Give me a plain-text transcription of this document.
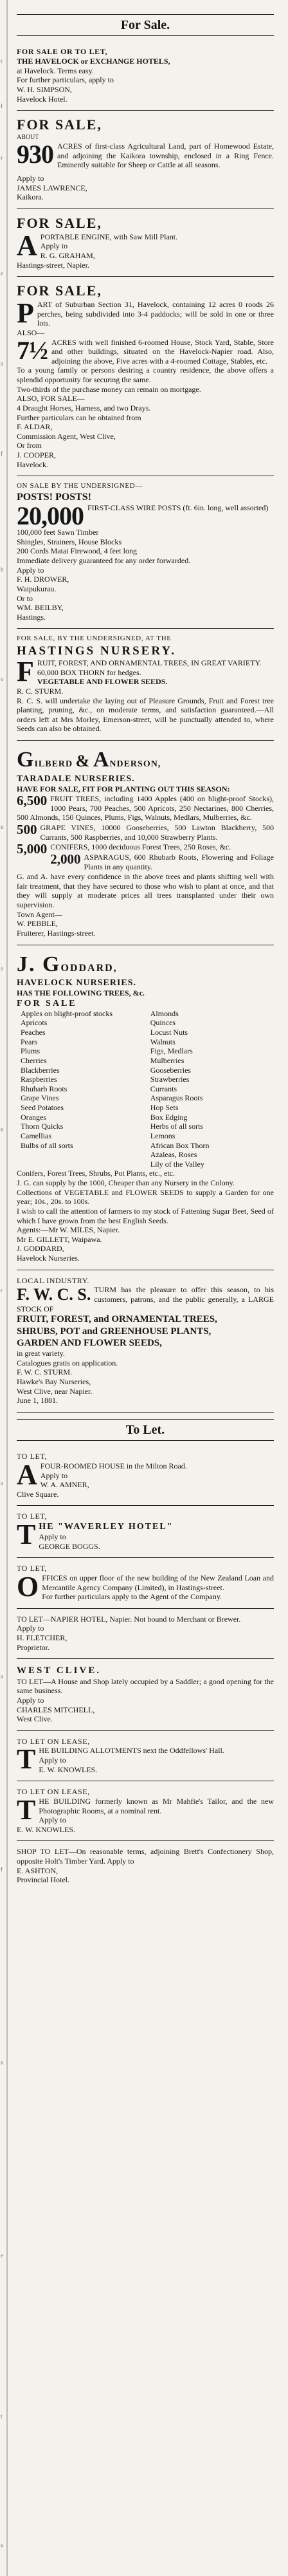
t
f
r
e
a
f
b
o
n
s
n
r
a
a
f
n
e
t
u
For Sale.

FOR SALE OR TO LET,

THE HAVELOCK or EXCHANGE HOTELS,

at Havelock. Terms easy.

For further particulars, apply to

W. H. SIMPSON,

Havelock Hotel.

FOR SALE,

ABOUT

930 ACRES of first-class Agricultural Land, part of Homewood Estate, and adjoining the Kaikora township, enclosed in a Ring Fence. Eminently suitable for Sheep or Cattle at all seasons.

Apply to

JAMES LAWRENCE,

Kaikora.

FOR SALE,

A PORTABLE ENGINE, with Saw Mill Plant.

Apply to

R. G. GRAHAM,

Hastings-street, Napier.

FOR SALE,

P ART of Suburban Section 31, Havelock, containing 12 acres 0 roods 26 perches, being subdivided into 3-4 paddocks; will be sold in one or three lots.

ALSO—

7½ ACRES with well finished 6-roomed House, Stock Yard, Stable, Store and other buildings, situated on the Havelock-Napier road. Also, adjoining the above, Five acres with a 4-roomed Cottage, Stables, etc.

To a young family or persons desiring a country residence, the above offers a splendid opportunity for securing the same.

Two-thirds of the purchase money can remain on mortgage.

ALSO, FOR SALE—

4 Draught Horses, Harness, and two Drays.

Further particulars can be obtained from

F. ALDAR,

Commission Agent, West Clive,

Or from

J. COOPER,

Havelock.

ON SALE BY THE UNDERSIGNED—

POSTS! POSTS!

20,000 FIRST-CLASS WIRE POSTS (ft. 6in. long, well assorted)

100,000 feet Sawn Timber

Shingles, Strainers, House Blocks

200 Cords Matai Firewood, 4 feet long

Immediate delivery guaranteed for any order forwarded.

Apply to

F. H. DROWER,

Waipukurau.

Or to

WM. BEILBY,

Hastings.

FOR SALE, BY THE UNDERSIGNED, AT THE

HASTINGS NURSERY.

F RUIT, FOREST, AND ORNAMENTAL TREES, IN GREAT VARIETY.

60,000 BOX THORN for hedges.

VEGETABLE AND FLOWER SEEDS.

R. C. STURM.

R. C. S. will undertake the laying out of Pleasure Grounds, Fruit and Forest tree planting, pruning, &c., on moderate terms, and satisfaction guaranteed.—All orders left at Mrs Morley, Emerson-street, will be punctually attended to, where Seeds can also be obtained.

GILBERD & ANDERSON,

TARADALE NURSERIES.

HAVE FOR SALE, FIT FOR PLANTING OUT THIS SEASON:

6,500 FRUIT TREES, including 1400 Apples (400 on blight-proof Stocks), 1000 Pears, 700 Peaches, 500 Apricots, 250 Nectarines, 800 Cherries, 500 Almonds, 150 Quinces, Plums, Figs, Walnuts, Medlars, Mulberries, &c.

500 GRAPE VINES, 10000 Gooseberries, 500 Lawton Blackberry, 500 Currants, 500 Raspberries, and 10,000 Strawberry Plants.

5,000 CONIFERS, 1000 deciduous Forest Trees, 250 Roses, &c.

2,000 ASPARAGUS, 600 Rhubarb Roots, Flowering and Foliage Plants in any quantity.

G. and A. have every confidence in the above trees and plants shifting well with fair treatment, that they have secured to those who wish to plant at once, and that they will supply at moderate prices all trees transplanted under their own supervision.

Town Agent—

W. PEBBLE,

Fruiterer, Hastings-street.

J. GODDARD,

HAVELOCK NURSERIES.

HAS THE FOLLOWING TREES, &c.

FOR SALE

Apples on blight-proof stocks

Apricots

Peaches

Pears

Plums

Cherries

Blackberries

Raspberries

Rhubarb Roots

Grape Vines

Seed Potatoes

Oranges

Thorn Quicks

Camellias

Bulbs of all sorts

Almonds

Quinces

Locust Nuts

Walnuts

Figs, Medlars

Mulberries

Gooseberries

Strawberries

Currants

Asparagus Roots

Hop Sets

Box Edging

Herbs of all sorts

Lemons

African Box Thorn

Azaleas, Roses

Lily of the Valley

Conifers, Forest Trees, Shrubs, Pot Plants, etc., etc.

J. G. can supply by the 1000, Cheaper than any Nursery in the Colony.

Collections of VEGETABLE and FLOWER SEEDS to supply a Garden for one year; 10s., 20s. to 100s.

I wish to call the attention of farmers to my stock of Fattening Sugar Beet, Seed of which I have grown from the best English Seeds.

Agents:—Mr W. MILES, Napier.

Mr E. GILLETT, Waipawa.

J. GODDARD,

Havelock Nurseries.

LOCAL INDUSTRY.

F. W. C. S. TURM has the pleasure to offer this season, to his customers, patrons, and the public generally, a LARGE STOCK OF

FRUIT, FOREST, and ORNAMENTAL TREES,

SHRUBS, POT and GREENHOUSE PLANTS,

GARDEN AND FLOWER SEEDS,

in great variety.

Catalogues gratis on application.

F. W. C. STURM.

Hawke's Bay Nurseries,

West Clive, near Napier.

June 1, 1881.

To Let.

TO LET,

A FOUR-ROOMED HOUSE in the Milton Road.

Apply to

W. A. AMNER,

Clive Square.

TO LET,

T HE "WAVERLEY HOTEL"

Apply to

GEORGE BOGGS.

TO LET,

O FFICES on upper floor of the new building of the New Zealand Loan and Mercantile Agency Company (Limited), in Hastings-street.

For further particulars apply to the Agent of the Company.

TO LET—NAPIER HOTEL, Napier. Not bound to Merchant or Brewer.

Apply to

H. FLETCHER,

Proprietor.

WEST CLIVE.

TO LET—A House and Shop lately occupied by a Saddler; a good opening for the same business.

Apply to

CHARLES MITCHELL,

West Clive.

TO LET ON LEASE,

T HE BUILDING ALLOTMENTS next the Oddfellows' Hall.

Apply to

E. W. KNOWLES.

TO LET ON LEASE,

T HE BUILDING formerly known as Mr Mahfie's Tailor, and the new Photographic Rooms, at a nominal rent.

Apply to

E. W. KNOWLES.

SHOP TO LET—On reasonable terms, adjoining Brett's Confectionery Shop, opposite Holt's Timber Yard. Apply to

E. ASHTON,

Provincial Hotel.
